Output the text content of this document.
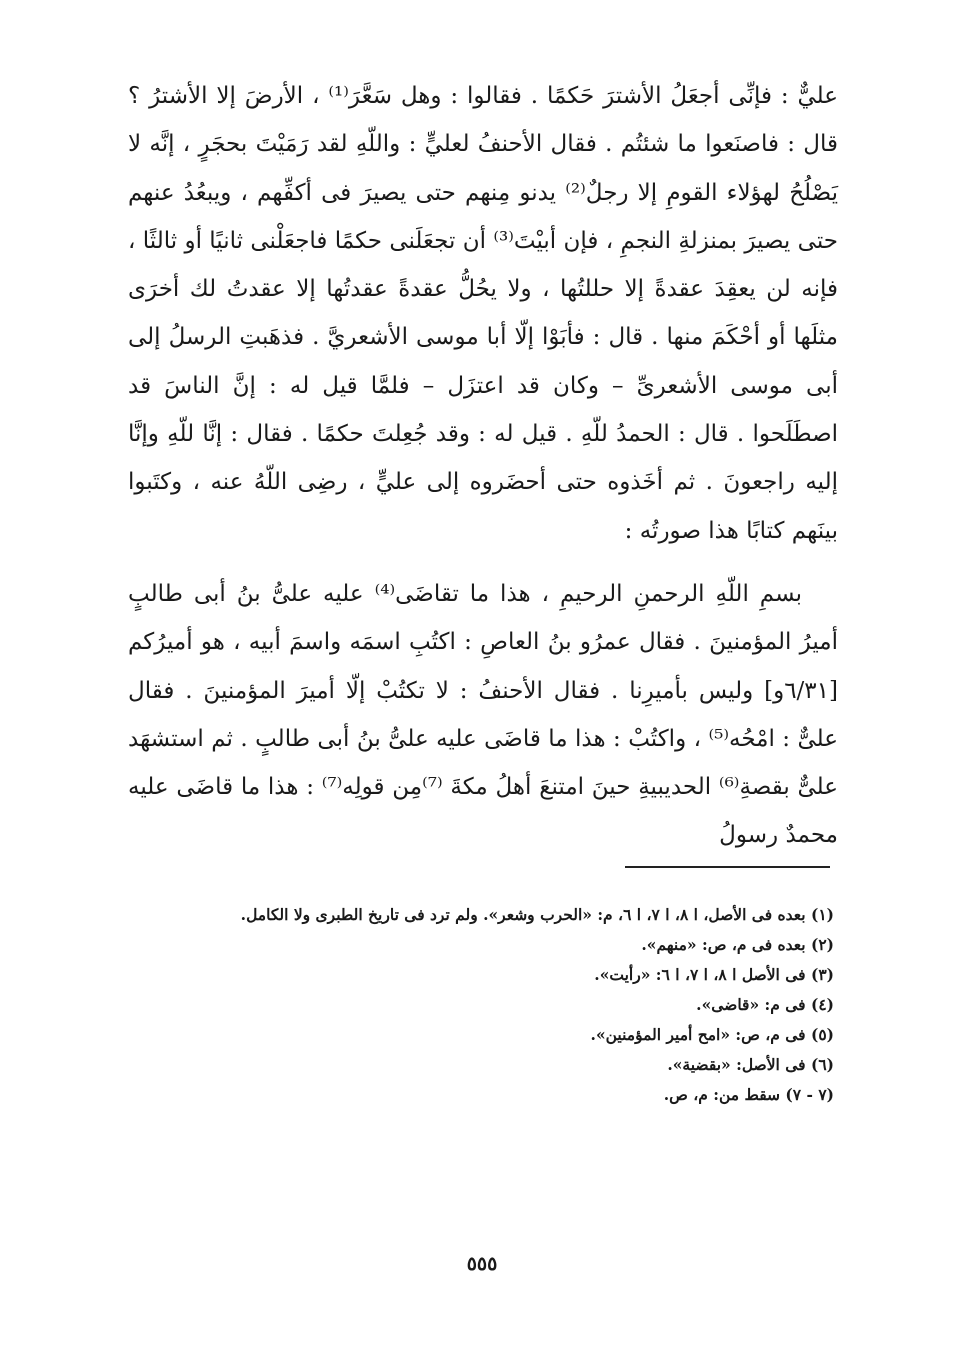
عليٌّ : فإنِّى أجعَلُ الأشترَ حَكمًا . فقالوا : وهل سَعَّرَ⁽¹⁾ ، الأرضَ إلا الأشترُ ؟ قال : فاصنَعوا ما شئتُم . فقال الأحنفُ لعليٍّ : واللّهِ لقد رَمَيْتَ بحجَرٍ ، إنَّه لا يَصْلُحُ لهؤلاء القومِ إلا رجلٌ⁽²⁾ يدنو مِنهم حتى يصيرَ فى أكفِّهم ، ويبعُدُ عنهم حتى يصيرَ بمنزلةِ النجمِ ، فإن أبيْتَ⁽³⁾ أن تجعَلَنى حكمًا فاجعَلْنى ثانيًا أو ثالثًا ، فإنه لن يعقِدَ عقدةً إلا حللتُها ، ولا يحُلُّ عقدةً عقدتُها إلا عقدتُ لك أخرَى مثلَها أو أحْكَمَ منها . قال : فأبَوْا إلّا أبا موسى الأشعريَّ . فذهَبتِ الرسلُ إلى أبى موسى الأشعرىِّ – وكان قد اعتزَل – فلمَّا قيل له : إنَّ الناسَ قد اصطَلَحوا . قال : الحمدُ للّهِ . قيل له : وقد جُعِلتَ حكمًا . فقال : إنَّا للّهِ وإنَّا إليه راجعونَ . ثم أخَذوه حتى أحضَروه إلى عليٍّ ، رضِى اللّهُ عنه ، وكتَبوا بينَهم كتابًا هذا صورتُه :

بسمِ اللّهِ الرحمنِ الرحيمِ ، هذا ما تقاضَى⁽⁴⁾ عليه علىُّ بنُ أبى طالبٍ أميرُ المؤمنينَ . فقال عمرُو بنُ العاصِ : اكتُبِ اسمَه واسمَ أبيه ، هو أميرُكم [٦/٣١و] وليس بأميرِنا . فقال الأحنفُ : لا تكتُبْ إلّا أميرَ المؤمنينَ . فقال علىٌّ : امْحُه⁽⁵⁾ ، واكتُبْ : هذا ما قاضَى عليه علىُّ بنُ أبى طالبٍ . ثم استشهَد علىٌّ بقصةِ⁽⁶⁾ الحديبيةِ حينَ امتنعَ أهلُ مكةَ ⁽⁷⁾مِن قولِه⁽⁷⁾ : هذا ما قاضَى عليه محمدٌ رسولُ

(١) بعده فى الأصل، ا ٨، ا ٧، ا ٦، م: «الحرب وشعر». ولم ترد فى تاريخ الطبرى ولا الكامل.
(٢) بعده فى م، ص: «منهم».
(٣) فى الأصل ا ٨، ا ٧، ا ٦: «رأيت».
(٤) فى م: «قاضى».
(٥) فى م، ص: «امح أمير المؤمنين».
(٦) فى الأصل: «بقضية».
(٧ - ٧) سقط من: م، ص.
٥٥٥
